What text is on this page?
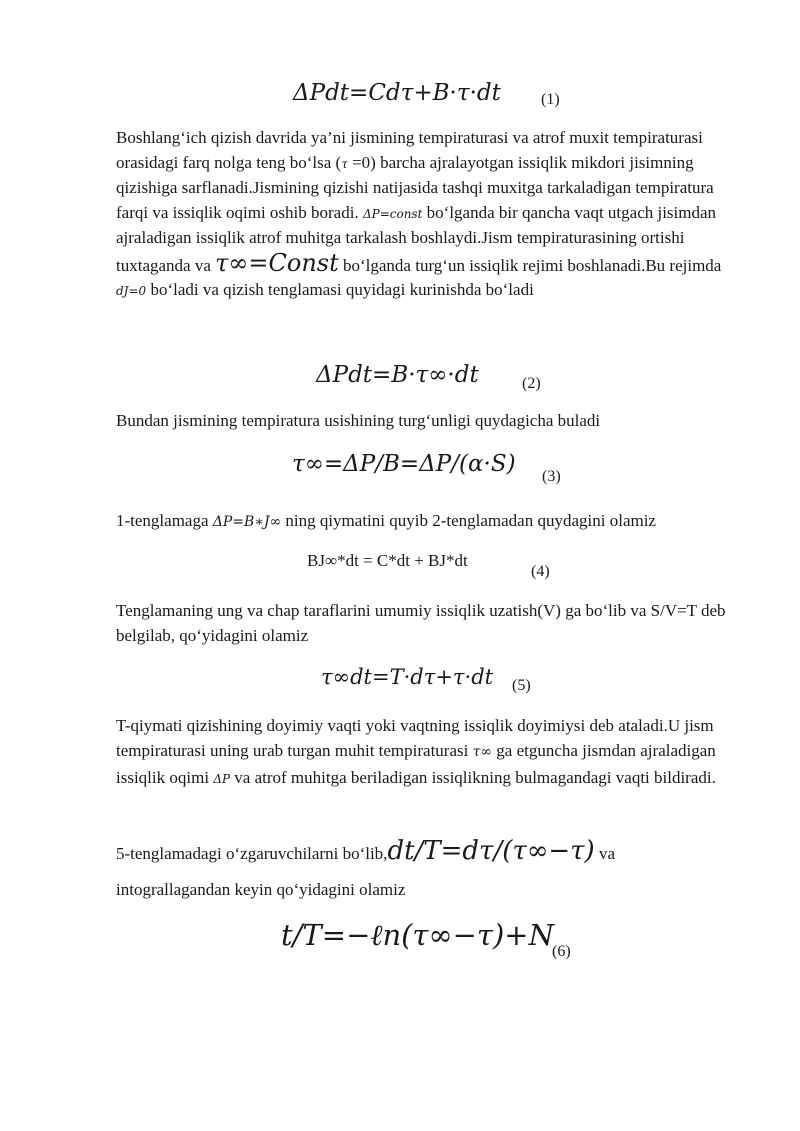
ΔPdt=Cdτ+B·τ·dt	(1)
Boshlang‘ich qizish davrida ya’ni jismining tempiraturasi va atrof muxit tempiraturasi orasidagi farq nolga teng bo‘lsa (τ =0) barcha ajralayotgan issiqlik mikdori jisimning qizishiga sarflanadi.Jismining qizishi natijasida tashqi muxitga tarkaladigan tempiratura farqi va issiqlik oqimi oshib boradi. ΔP=const bo‘lganda bir qancha vaqt utgach jisimdan ajraladigan issiqlik atrof muhitga tarkalash boshlaydi.Jism tempiraturasining ortishi tuxtaganda va τ∞=Const bo‘lganda turg‘un issiqlik rejimi boshlanadi.Bu rejimda dJ=0 bo‘ladi va qizish tenglamasi quyidagi kurinishda bo‘ladi
ΔPdt=B·τ∞·dt	(2)
Bundan jismining tempiratura usishining turg‘unligi quydagicha buladi
τ∞=ΔP/B=ΔP/(α·S) (3)
1-tenglamaga ΔP=B∗J∞ ning qiymatini quyib 2-tenglamadan quydagini olamiz
BJ∞*dt = C*dt + BJ*dt
(4)
Tenglamaning ung va chap taraflarini umumiy issiqlik uzatish(V) ga bo‘lib va S/V=T deb belgilab, qo‘yidagini olamiz
τ∞dt=T·dτ+τ·dt (5)
T-qiymati qizishining doyimiy vaqti yoki vaqtning issiqlik doyimiysi deb ataladi.U jism tempiraturasi uning urab turgan muhit tempiraturasi τ∞ ga etguncha jismdan ajraladigan issiqlik oqimi ΔP va atrof muhitga beriladigan issiqlikning bulmagandagi vaqti bildiradi.
5-tenglamadagi o‘zgaruvchilarni bo‘lib,dt/T=dτ/(τ∞−τ) va
intograllagandan keyin qo‘yidagini olamiz
t/T=−ℓn(τ∞−τ)+N
(6)
